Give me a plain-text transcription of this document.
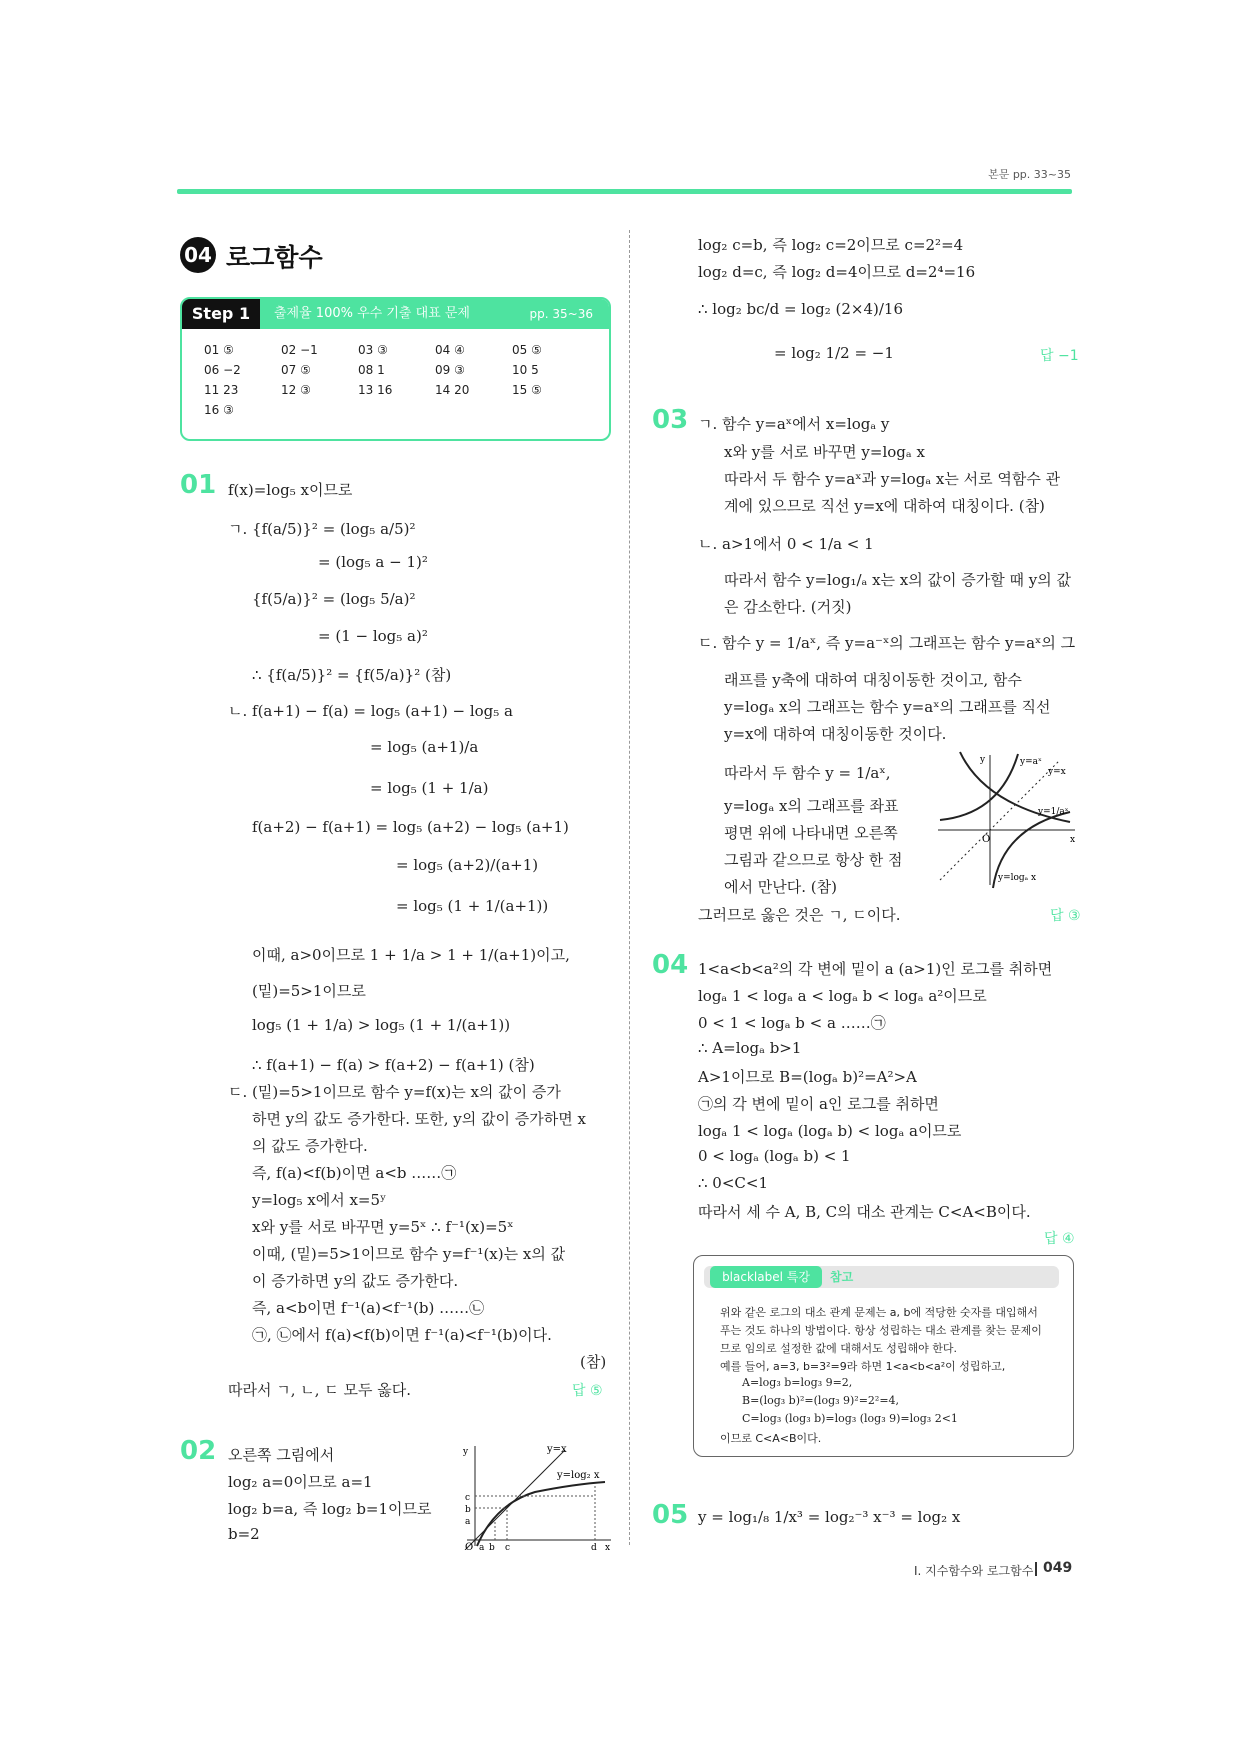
본문 pp. 33~35
04 로그함수
Step 1	출제율 100% 우수 기출 대표 문제	pp. 35~36
01 ⑤	02 −1	03 ③	04 ④	05 ⑤
06 −2	07 ⑤	08 1	09 ③	10 5
11 23	12 ③	13 16	14 20	15 ⑤
16 ③
01 f(x)=log₅ x이므로
ㄱ. {f(a/5)}² = (log₅ a/5)²
= (log₅ a − 1)²
{f(5/a)}² = (log₅ 5/a)²
= (1 − log₅ a)²
∴ {f(a/5)}² = {f(5/a)}² (참)
ㄴ. f(a+1) − f(a) = log₅ (a+1) − log₅ a
= log₅ (a+1)/a
= log₅ (1 + 1/a)
f(a+2) − f(a+1) = log₅ (a+2) − log₅ (a+1)
= log₅ (a+2)/(a+1)
= log₅ (1 + 1/(a+1))
이때, a>0이므로 1 + 1/a > 1 + 1/(a+1)이고,
(밑)=5>1이므로
log₅ (1 + 1/a) > log₅ (1 + 1/(a+1))
∴ f(a+1) − f(a) > f(a+2) − f(a+1) (참)
ㄷ. (밑)=5>1이므로 함수 y=f(x)는 x의 값이 증가
하면 y의 값도 증가한다. 또한, y의 값이 증가하면 x
의 값도 증가한다.
즉, f(a)<f(b)이면 a<b ……㉠
y=log₅ x에서 x=5ʸ
x와 y를 서로 바꾸면 y=5ˣ ∴ f⁻¹(x)=5ˣ
이때, (밑)=5>1이므로 함수 y=f⁻¹(x)는 x의 값
이 증가하면 y의 값도 증가한다.
즉, a<b이면 f⁻¹(a)<f⁻¹(b) ……㉡
㉠, ㉡에서 f(a)<f(b)이면 f⁻¹(a)<f⁻¹(b)이다.
(참)
따라서 ㄱ, ㄴ, ㄷ 모두 옳다.	답 ⑤
02 오른쪽 그림에서
log₂ a=0이므로 a=1
log₂ b=a, 즉 log₂ b=1이므로
b=2
y=x
y=log₂ x
O a b c	d x
y
c
b
a
log₂ c=b, 즉 log₂ c=2이므로 c=2²=4
log₂ d=c, 즉 log₂ d=4이므로 d=2⁴=16
∴ log₂ bc/d = log₂ (2×4)/16
= log₂ 1/2 = −1	답 −1
03 ㄱ. 함수 y=aˣ에서 x=logₐ y
x와 y를 서로 바꾸면 y=logₐ x
따라서 두 함수 y=aˣ과 y=logₐ x는 서로 역함수 관
계에 있으므로 직선 y=x에 대하여 대칭이다. (참)
ㄴ. a>1에서 0 < 1/a < 1
따라서 함수 y=log₁/ₐ x는 x의 값이 증가할 때 y의 값
은 감소한다. (거짓)
ㄷ. 함수 y = 1/aˣ, 즉 y=a⁻ˣ의 그래프는 함수 y=aˣ의 그
래프를 y축에 대하여 대칭이동한 것이고, 함수
y=logₐ x의 그래프는 함수 y=aˣ의 그래프를 직선
y=x에 대하여 대칭이동한 것이다.
따라서 두 함수 y = 1/aˣ,
y=logₐ x의 그래프를 좌표
평면 위에 나타내면 오른쪽
그림과 같으므로 항상 한 점
에서 만난다. (참)
그러므로 옳은 것은 ㄱ, ㄷ이다.	답 ③
y=aˣ
y=x
y=1/aˣ
y=logₐ x
O	x
y
04 1<a<b<a²의 각 변에 밑이 a (a>1)인 로그를 취하면
logₐ 1 < logₐ a < logₐ b < logₐ a²이므로
0 < 1 < logₐ b < a ……㉠
∴ A=logₐ b>1
A>1이므로 B=(logₐ b)²=A²>A
㉠의 각 변에 밑이 a인 로그를 취하면
logₐ 1 < logₐ (logₐ b) < logₐ a이므로
0 < logₐ (logₐ b) < 1
∴ 0<C<1
따라서 세 수 A, B, C의 대소 관계는 C<A<B이다.
답 ④
blacklabel 특강	참고
위와 같은 로그의 대소 관계 문제는 a, b에 적당한 숫자를 대입해서
푸는 것도 하나의 방법이다. 항상 성립하는 대소 관계를 찾는 문제이
므로 임의로 설정한 값에 대해서도 성립해야 한다.
예를 들어, a=3, b=3²=9라 하면 1<a<b<a²이 성립하고,
A=log₃ b=log₃ 9=2,
B=(log₃ b)²=(log₃ 9)²=2²=4,
C=log₃ (log₃ b)=log₃ (log₃ 9)=log₃ 2<1
이므로 C<A<B이다.
05 y = log₁/₈ 1/x³ = log₂⁻³ x⁻³ = log₂ x
Ⅰ. 지수함수와 로그함수 049
